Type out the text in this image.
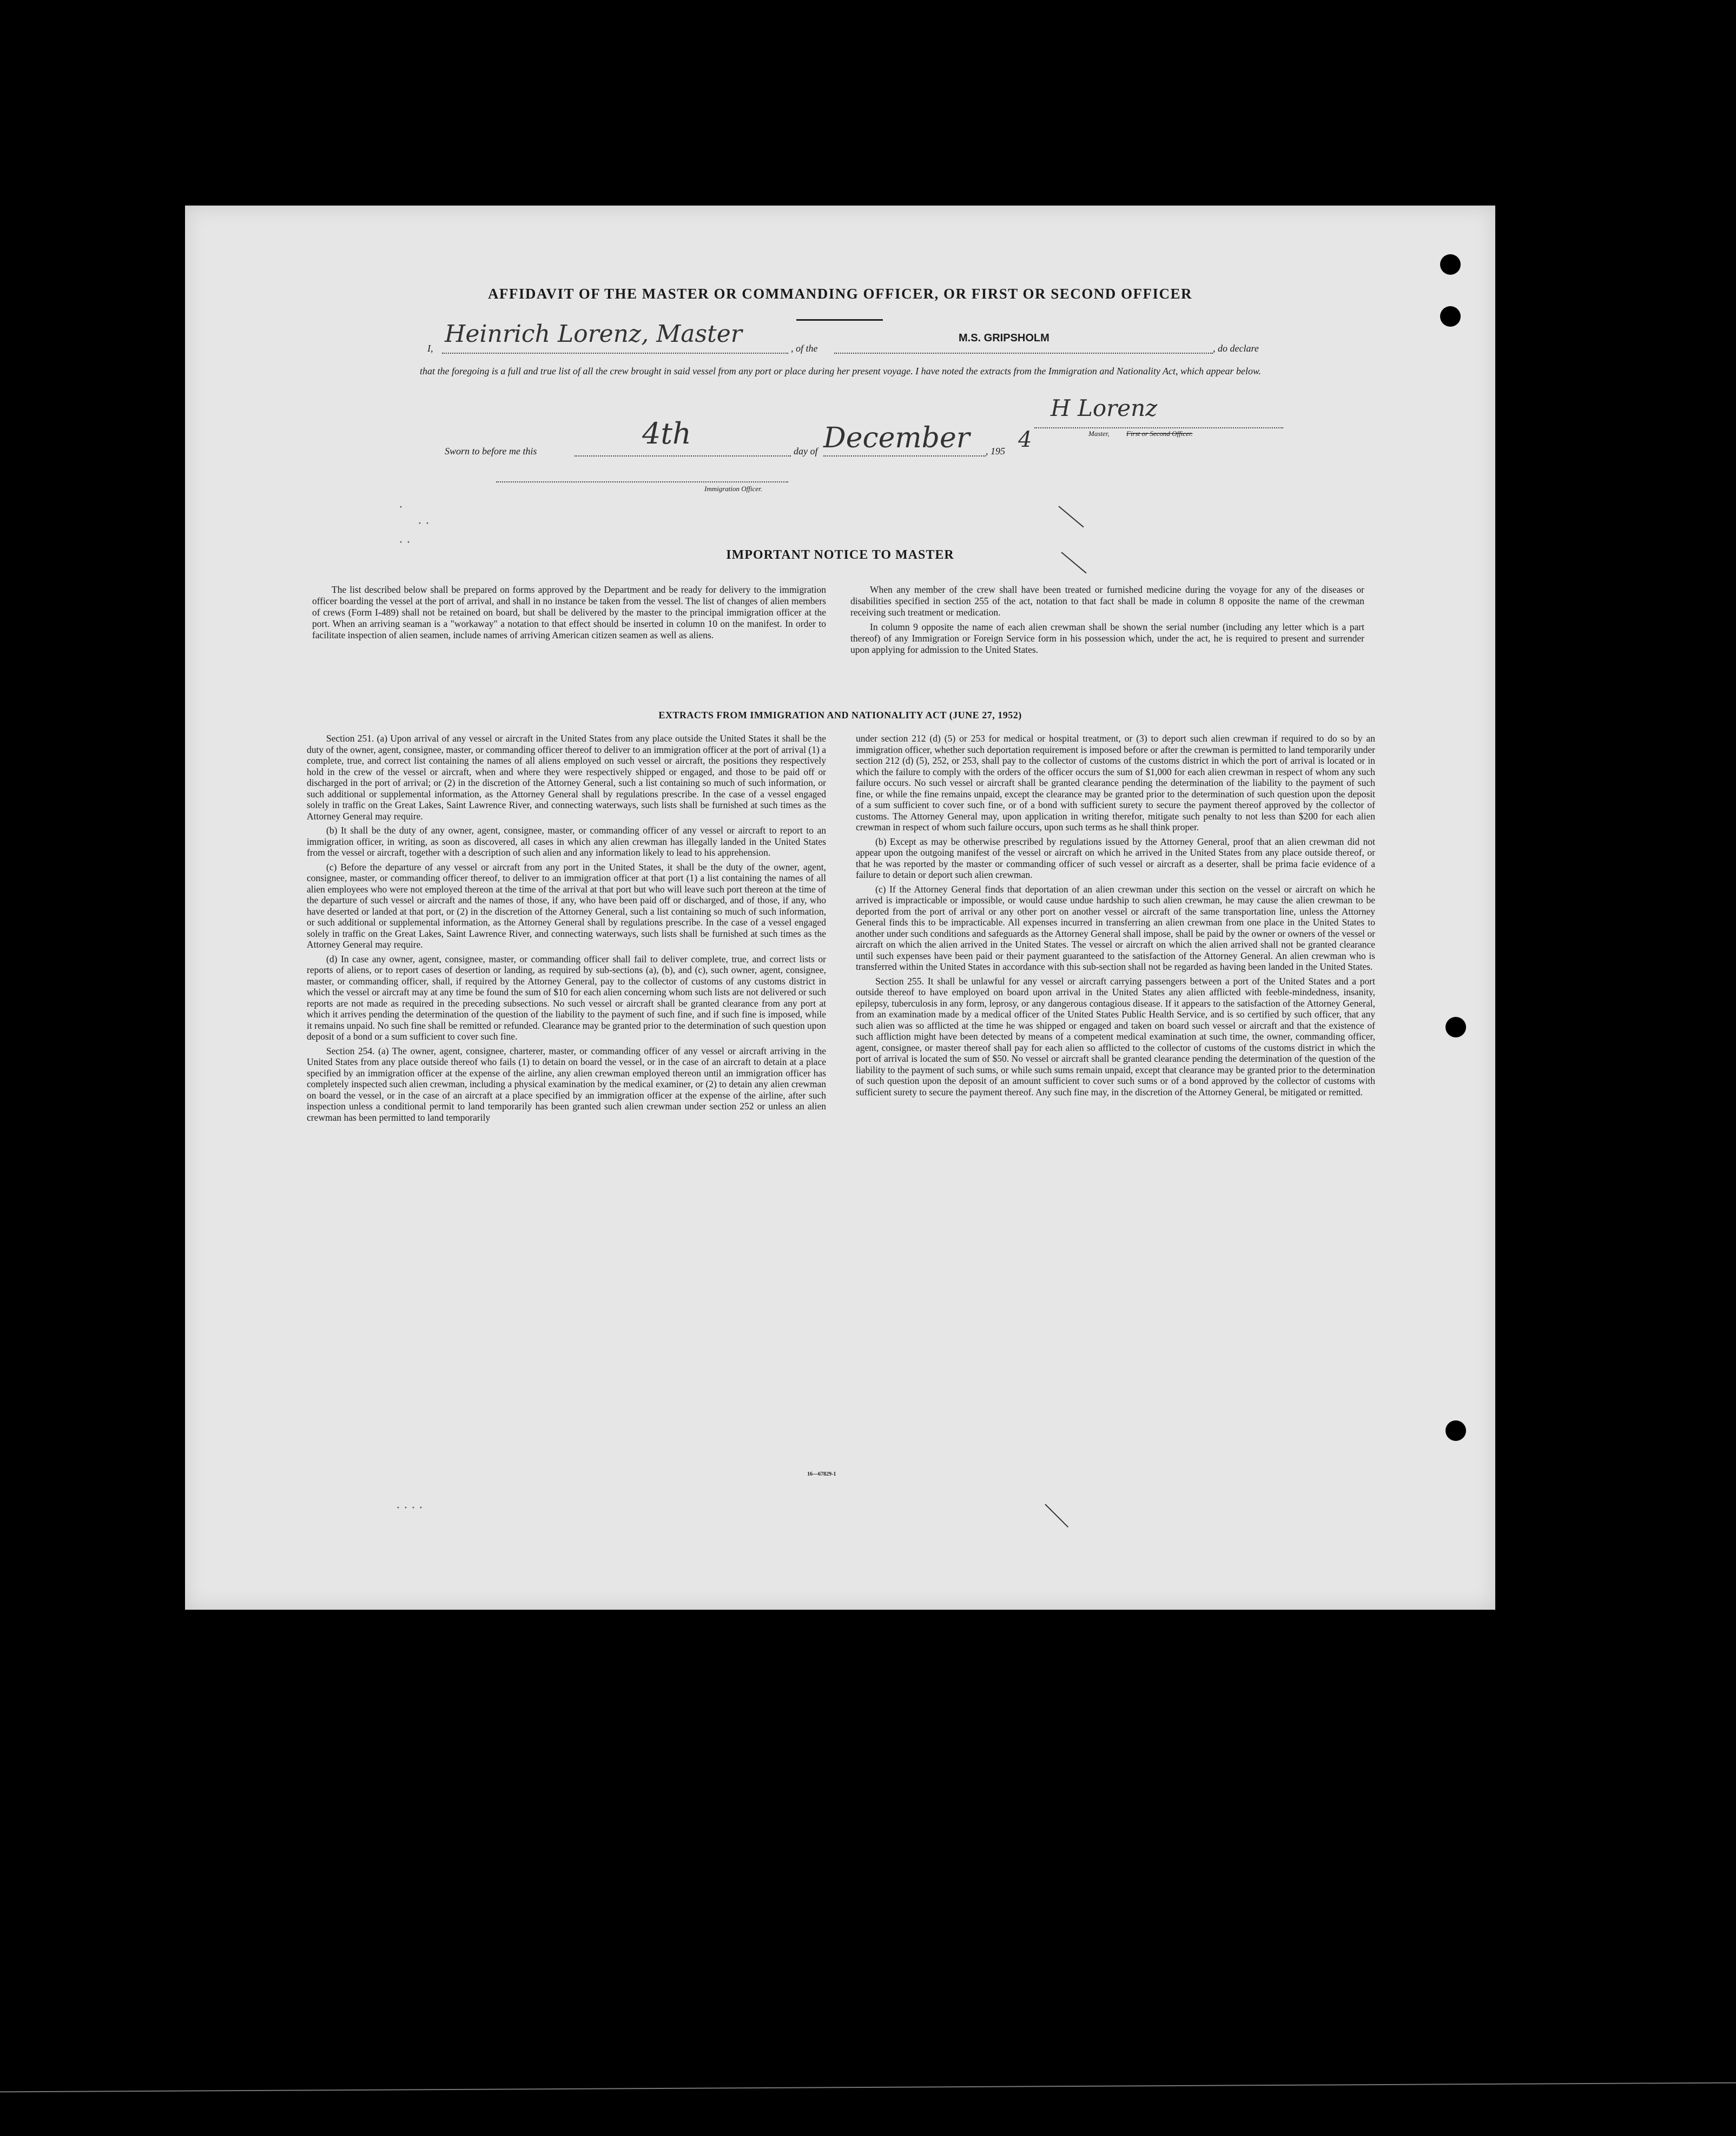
AFFIDAVIT OF THE MASTER OR COMMANDING OFFICER, OR FIRST OR SECOND OFFICER
I,
Heinrich Lorenz, Master
, of the
M.S. GRIPSHOLM
, do declare
that the foregoing is a full and true list of all the crew brought in said vessel from any port or place during her present voyage. I have noted the extracts from the Immigration and Nationality Act, which appear below.
H Lorenz
Master, First or Second Officer.
Sworn to before me this
4th
day of December , 195 4
Immigration Officer.
·
· ·
· ·
IMPORTANT NOTICE TO MASTER

The list described below shall be prepared on forms approved by the Department and be ready for delivery to the immigration officer boarding the vessel at the port of arrival, and shall in no instance be taken from the vessel. The list of changes of alien members of crews (Form I-489) shall not be retained on board, but shall be delivered by the master to the principal immigration officer at the port. When an arriving seaman is a "workaway" a notation to that effect should be inserted in column 10 on the manifest. In order to facilitate inspection of alien seamen, include names of arriving American citizen seamen as well as aliens.

When any member of the crew shall have been treated or furnished medicine during the voyage for any of the diseases or disabilities specified in section 255 of the act, notation to that fact shall be made in column 8 opposite the name of the crewman receiving such treatment or medication.

In column 9 opposite the name of each alien crewman shall be shown the serial number (including any letter which is a part thereof) of any Immigration or Foreign Service form in his possession which, under the act, he is required to present and surrender upon applying for admission to the United States.

EXTRACTS FROM IMMIGRATION AND NATIONALITY ACT (JUNE 27, 1952)

Section 251. (a) Upon arrival of any vessel or aircraft in the United States from any place outside the United States it shall be the duty of the owner, agent, consignee, master, or commanding officer thereof to deliver to an immigration officer at the port of arrival (1) a complete, true, and correct list containing the names of all aliens employed on such vessel or aircraft, the positions they respectively hold in the crew of the vessel or aircraft, when and where they were respectively shipped or engaged, and those to be paid off or discharged in the port of arrival; or (2) in the discretion of the Attorney General, such a list containing so much of such information, or such additional or supplemental information, as the Attorney General shall by regulations prescribe. In the case of a vessel engaged solely in traffic on the Great Lakes, Saint Lawrence River, and connecting waterways, such lists shall be furnished at such times as the Attorney General may require.

(b) It shall be the duty of any owner, agent, consignee, master, or commanding officer of any vessel or aircraft to report to an immigration officer, in writing, as soon as discovered, all cases in which any alien crewman has illegally landed in the United States from the vessel or aircraft, together with a description of such alien and any information likely to lead to his apprehension.

(c) Before the departure of any vessel or aircraft from any port in the United States, it shall be the duty of the owner, agent, consignee, master, or commanding officer thereof, to deliver to an immigration officer at that port (1) a list containing the names of all alien employees who were not employed thereon at the time of the arrival at that port but who will leave such port thereon at the time of the departure of such vessel or aircraft and the names of those, if any, who have been paid off or discharged, and of those, if any, who have deserted or landed at that port, or (2) in the discretion of the Attorney General, such a list containing so much of such information, or such additional or supplemental information, as the Attorney General shall by regulations prescribe. In the case of a vessel engaged solely in traffic on the Great Lakes, Saint Lawrence River, and connecting waterways, such lists shall be furnished at such times as the Attorney General may require.

(d) In case any owner, agent, consignee, master, or commanding officer shall fail to deliver complete, true, and correct lists or reports of aliens, or to report cases of desertion or landing, as required by sub-sections (a), (b), and (c), such owner, agent, consignee, master, or commanding officer, shall, if required by the Attorney General, pay to the collector of customs of any customs district in which the vessel or aircraft may at any time be found the sum of $10 for each alien concerning whom such lists are not delivered or such reports are not made as required in the preceding subsections. No such vessel or aircraft shall be granted clearance from any port at which it arrives pending the determination of the question of the liability to the payment of such fine, and if such fine is imposed, while it remains unpaid. No such fine shall be remitted or refunded. Clearance may be granted prior to the determination of such question upon deposit of a bond or a sum sufficient to cover such fine.

Section 254. (a) The owner, agent, consignee, charterer, master, or commanding officer of any vessel or aircraft arriving in the United States from any place outside thereof who fails (1) to detain on board the vessel, or in the case of an aircraft to detain at a place specified by an immigration officer at the expense of the airline, any alien crewman employed thereon until an immigration officer has completely inspected such alien crewman, including a physical examination by the medical examiner, or (2) to detain any alien crewman on board the vessel, or in the case of an aircraft at a place specified by an immigration officer at the expense of the airline, after such inspection unless a conditional permit to land temporarily has been granted such alien crewman under section 252 or unless an alien crewman has been permitted to land temporarily

under section 212 (d) (5) or 253 for medical or hospital treatment, or (3) to deport such alien crewman if required to do so by an immigration officer, whether such deportation requirement is imposed before or after the crewman is permitted to land temporarily under section 212 (d) (5), 252, or 253, shall pay to the collector of customs of the customs district in which the port of arrival is located or in which the failure to comply with the orders of the officer occurs the sum of $1,000 for each alien crewman in respect of whom any such failure occurs. No such vessel or aircraft shall be granted clearance pending the determination of the liability to the payment of such fine, or while the fine remains unpaid, except the clearance may be granted prior to the determination of such question upon the deposit of a sum sufficient to cover such fine, or of a bond with sufficient surety to secure the payment thereof approved by the collector of customs. The Attorney General may, upon application in writing therefor, mitigate such penalty to not less than $200 for each alien crewman in respect of whom such failure occurs, upon such terms as he shall think proper.

(b) Except as may be otherwise prescribed by regulations issued by the Attorney General, proof that an alien crewman did not appear upon the outgoing manifest of the vessel or aircraft on which he arrived in the United States from any place outside thereof, or that he was reported by the master or commanding officer of such vessel or aircraft as a deserter, shall be prima facie evidence of a failure to detain or deport such alien crewman.

(c) If the Attorney General finds that deportation of an alien crewman under this section on the vessel or aircraft on which he arrived is impracticable or impossible, or would cause undue hardship to such alien crewman, he may cause the alien crewman to be deported from the port of arrival or any other port on another vessel or aircraft of the same transportation line, unless the Attorney General finds this to be impracticable. All expenses incurred in transferring an alien crewman from one place in the United States to another under such conditions and safeguards as the Attorney General shall impose, shall be paid by the owner or owners of the vessel or aircraft on which the alien arrived in the United States. The vessel or aircraft on which the alien arrived shall not be granted clearance until such expenses have been paid or their payment guaranteed to the satisfaction of the Attorney General. An alien crewman who is transferred within the United States in accordance with this sub-section shall not be regarded as having been landed in the United States.

Section 255. It shall be unlawful for any vessel or aircraft carrying passengers between a port of the United States and a port outside thereof to have employed on board upon arrival in the United States any alien afflicted with feeble-mindedness, insanity, epilepsy, tuberculosis in any form, leprosy, or any dangerous contagious disease. If it appears to the satisfaction of the Attorney General, from an examination made by a medical officer of the United States Public Health Service, and is so certified by such officer, that any such alien was so afflicted at the time he was shipped or engaged and taken on board such vessel or aircraft and that the existence of such affliction might have been detected by means of a competent medical examination at such time, the owner, commanding officer, agent, consignee, or master thereof shall pay for each alien so afflicted to the collector of customs of the customs district in which the port of arrival is located the sum of $50. No vessel or aircraft shall be granted clearance pending the determination of the question of the liability to the payment of such sums, or while such sums remain unpaid, except that clearance may be granted prior to the determination of such question upon the deposit of an amount sufficient to cover such sums or of a bond approved by the collector of customs with sufficient surety to secure the payment thereof. Any such fine may, in the discretion of the Attorney General, be mitigated or remitted.

16—67829-1
· · · ·
